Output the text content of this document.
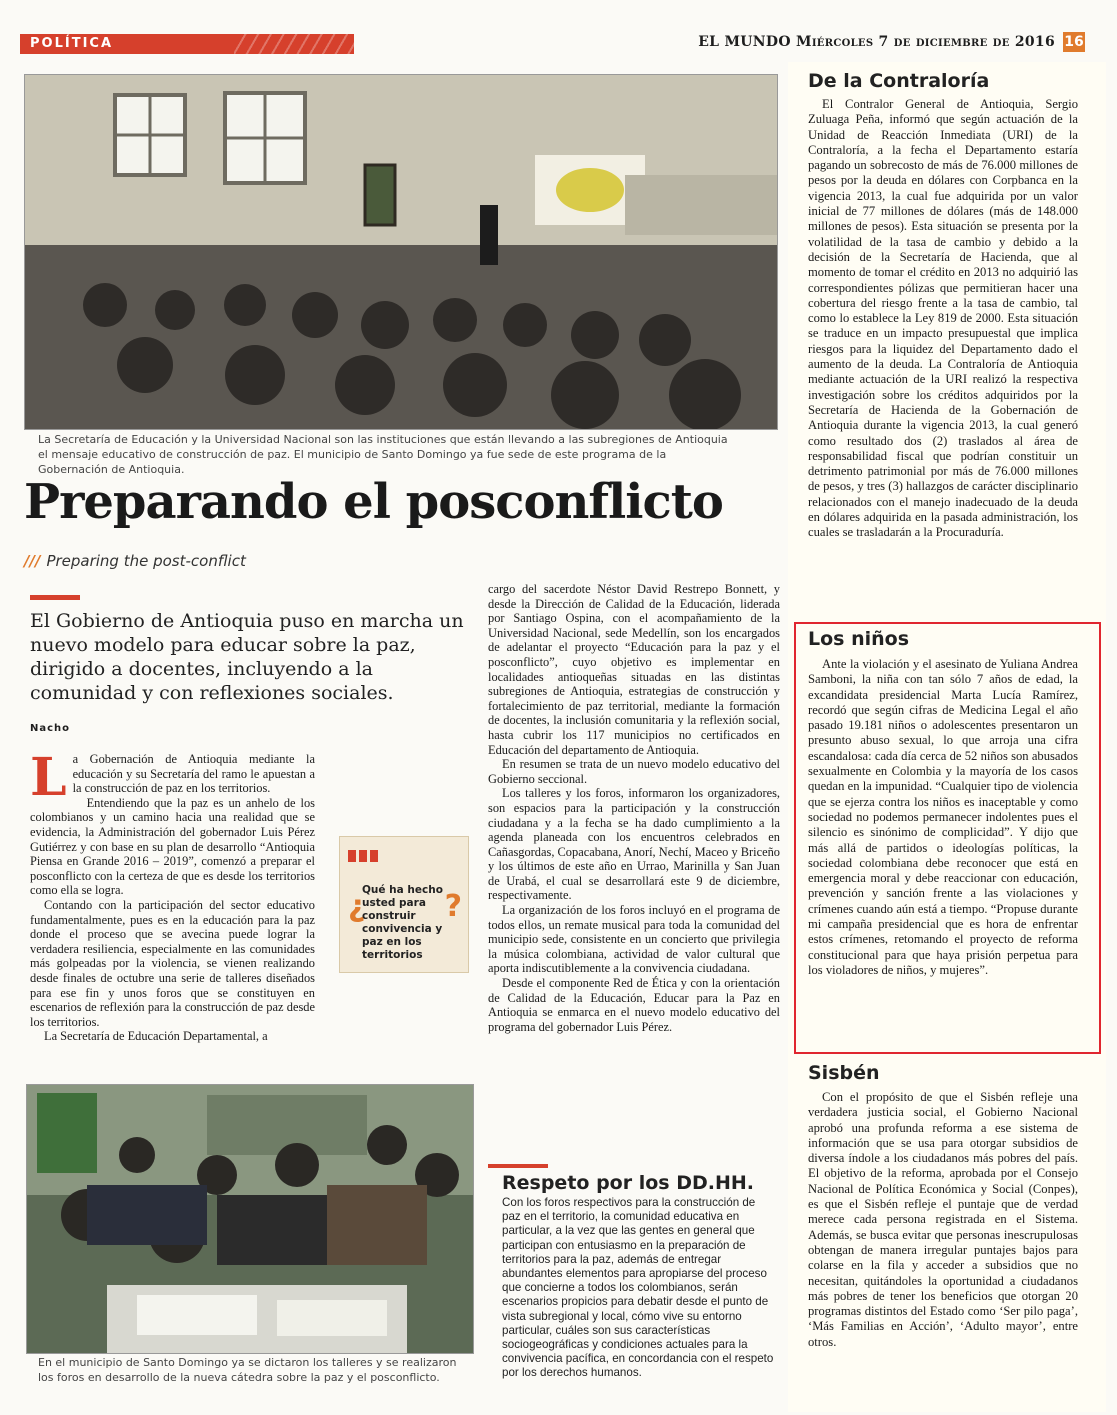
POLÍTICA	EL MUNDO Miércoles 7 de diciembre de 2016 16
La Secretaría de Educación y la Universidad Nacional son las instituciones que están llevando a las subregiones de Antioquia el mensaje educativo de construcción de paz. El municipio de Santo Domingo ya fue sede de este programa de la Gobernación de Antioquia.
Preparando el posconflicto
/// Preparing the post-conflict
El Gobierno de Antioquia puso en marcha un nuevo modelo para educar sobre la paz, dirigido a docentes, incluyendo a la comunidad y con reflexiones sociales.
Nacho
L a Gobernación de Antioquia mediante la educación y su Secretaría del ramo le apuestan a la construcción de paz en los territorios.

Entendiendo que la paz es un anhelo de los colombianos y un camino hacia una realidad que se evidencia, la Administración del gobernador Luis Pérez Gutiérrez y con base en su plan de desarrollo “Antioquia Piensa en Grande 2016 – 2019”, comenzó a preparar el posconflicto con la certeza de que es desde los territorios como ella se logra.

Contando con la participación del sector educativo fundamentalmente, pues es en la educación para la paz donde el proceso que se avecina puede lograr la verdadera resiliencia, especialmente en las comunidades más golpeadas por la violencia, se vienen realizando desde finales de octubre una serie de talleres diseñados para ese fin y unos foros que se constituyen en escenarios de reflexión para la construcción de paz desde los territorios.

La Secretaría de Educación Departamental, a

¿
Qué ha hecho usted para construir convivencia y paz en los territorios
?

cargo del sacerdote Néstor David Restrepo Bonnett, y desde la Dirección de Calidad de la Educación, liderada por Santiago Ospina, con el acompañamiento de la Universidad Nacional, sede Medellín, son los encargados de adelantar el proyecto “Educación para la paz y el posconflicto”, cuyo objetivo es implementar en localidades antioqueñas situadas en las distintas subregiones de Antioquia, estrategias de construcción y fortalecimiento de paz territorial, mediante la formación de docentes, la inclusión comunitaria y la reflexión social, hasta cubrir los 117 municipios no certificados en Educación del departamento de Antioquia.

En resumen se trata de un nuevo modelo educativo del Gobierno seccional.

Los talleres y los foros, informaron los organizadores, son espacios para la participación y la construcción ciudadana y a la fecha se ha dado cumplimiento a la agenda planeada con los encuentros celebrados en Cañasgordas, Copacabana, Anorí, Nechí, Maceo y Briceño y los últimos de este año en Urrao, Marinilla y San Juan de Urabá, el cual se desarrollará este 9 de diciembre, respectivamente.

La organización de los foros incluyó en el programa de todos ellos, un remate musical para toda la comunidad del municipio sede, consistente en un concierto que privilegia la música colombiana, actividad de valor cultural que aporta indiscutiblemente a la convivencia ciudadana.

Desde el componente Red de Ética y con la orientación de Calidad de la Educación, Educar para la Paz en Antioquia se enmarca en el nuevo modelo educativo del programa del gobernador Luis Pérez.

En el municipio de Santo Domingo ya se dictaron los talleres y se realizaron los foros en desarrollo de la nueva cátedra sobre la paz y el posconflicto.
Respeto por los DD.HH.
Con los foros respectivos para la construcción de paz en el territorio, la comunidad educativa en particular, a la vez que las gentes en general que participan con entusiasmo en la preparación de territorios para la paz, además de entregar abundantes elementos para apropiarse del proceso que concierne a todos los colombianos, serán escenarios propicios para debatir desde el punto de vista subregional y local, cómo vive su entorno particular, cuáles son sus características sociogeográficas y condiciones actuales para la convivencia pacífica, en concordancia con el respeto por los derechos humanos.
De la Contraloría

El Contralor General de Antioquia, Sergio Zuluaga Peña, informó que según actuación de la Unidad de Reacción Inmediata (URI) de la Contraloría, a la fecha el Departamento estaría pagando un sobrecosto de más de 76.000 millones de pesos por la deuda en dólares con Corpbanca en la vigencia 2013, la cual fue adquirida por un valor inicial de 77 millones de dólares (más de 148.000 millones de pesos). Esta situación se presenta por la volatilidad de la tasa de cambio y debido a la decisión de la Secretaría de Hacienda, que al momento de tomar el crédito en 2013 no adquirió las correspondientes pólizas que permitieran hacer una cobertura del riesgo frente a la tasa de cambio, tal como lo establece la Ley 819 de 2000. Esta situación se traduce en un impacto presupuestal que implica riesgos para la liquidez del Departamento dado el aumento de la deuda. La Contraloría de Antioquia mediante actuación de la URI realizó la respectiva investigación sobre los créditos adquiridos por la Secretaría de Hacienda de la Gobernación de Antioquia durante la vigencia 2013, la cual generó como resultado dos (2) traslados al área de responsabilidad fiscal que podrían constituir un detrimento patrimonial por más de 76.000 millones de pesos, y tres (3) hallazgos de carácter disciplinario relacionados con el manejo inadecuado de la deuda en dólares adquirida en la pasada administración, los cuales se trasladarán a la Procuraduría.

Los niños

Ante la violación y el asesinato de Yuliana Andrea Samboni, la niña con tan sólo 7 años de edad, la excandidata presidencial Marta Lucía Ramírez, recordó que según cifras de Medicina Legal el año pasado 19.181 niños o adolescentes presentaron un presunto abuso sexual, lo que arroja una cifra escandalosa: cada día cerca de 52 niños son abusados sexualmente en Colombia y la mayoría de los casos quedan en la impunidad. “Cualquier tipo de violencia que se ejerza contra los niños es inaceptable y como sociedad no podemos permanecer indolentes pues el silencio es sinónimo de complicidad”. Y dijo que más allá de partidos o ideologías políticas, la sociedad colombiana debe reconocer que está en emergencia moral y debe reaccionar con educación, prevención y sanción frente a las violaciones y crímenes cuando aún está a tiempo. “Propuse durante mi campaña presidencial que es hora de enfrentar estos crímenes, retomando el proyecto de reforma constitucional para que haya prisión perpetua para los violadores de niños, y mujeres”.

Sisbén

Con el propósito de que el Sisbén refleje una verdadera justicia social, el Gobierno Nacional aprobó una profunda reforma a ese sistema de información que se usa para otorgar subsidios de diversa índole a los ciudadanos más pobres del país. El objetivo de la reforma, aprobada por el Consejo Nacional de Política Económica y Social (Conpes), es que el Sisbén refleje el puntaje que de verdad merece cada persona registrada en el Sistema. Además, se busca evitar que personas inescrupulosas obtengan de manera irregular puntajes bajos para colarse en la fila y acceder a subsidios que no necesitan, quitándoles la oportunidad a ciudadanos más pobres de tener los beneficios que otorgan 20 programas distintos del Estado como ‘Ser pilo paga’, ‘Más Familias en Acción’, ‘Adulto mayor’, entre otros.
